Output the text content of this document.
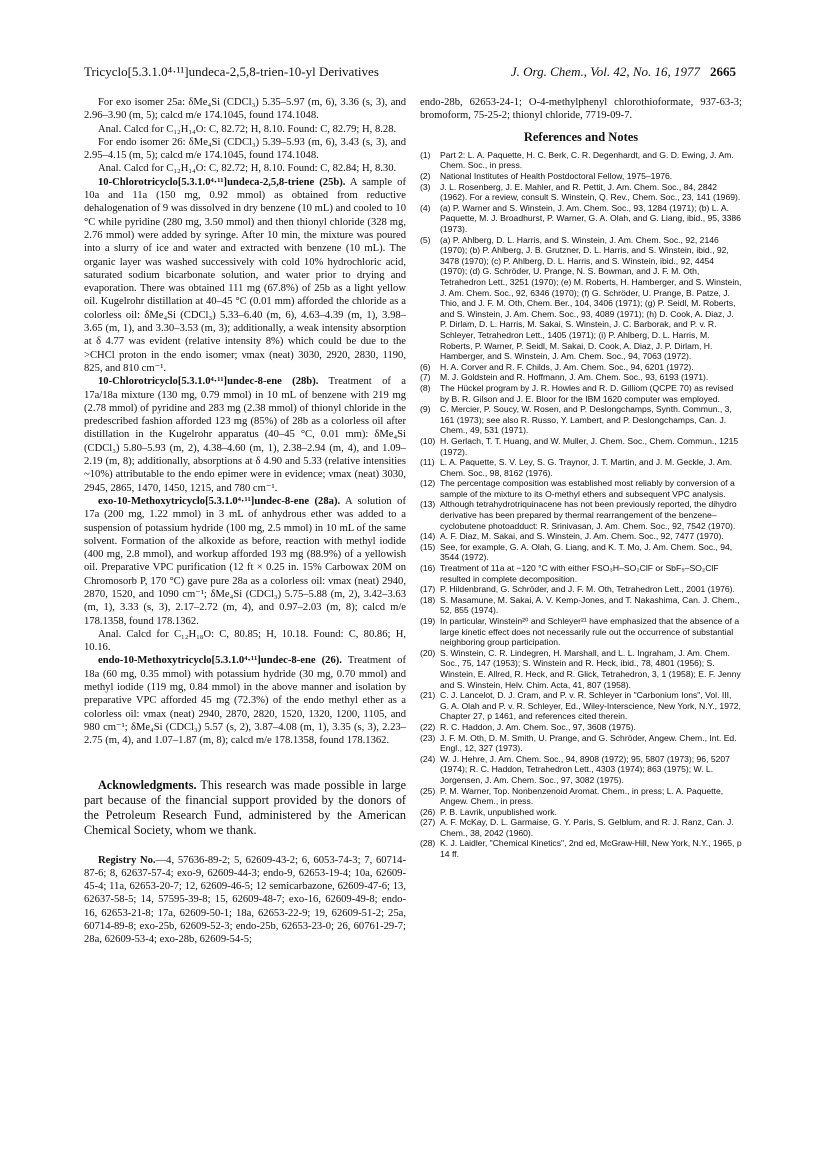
Tricyclo[5.3.1.0⁴·¹¹]undeca-2,5,8-trien-10-yl Derivatives	J. Org. Chem., Vol. 42, No. 16, 1977 2665

For exo isomer 25a: δMe₄Si (CDCl₃) 5.35–5.97 (m, 6), 3.36 (s, 3), and 2.96–3.90 (m, 5); calcd m/e 174.1045, found 174.1048.

Anal. Calcd for C₁₂H₁₄O: C, 82.72; H, 8.10. Found: C, 82.79; H, 8.28.

For endo isomer 26: δMe₄Si (CDCl₃) 5.39–5.93 (m, 6), 3.43 (s, 3), and 2.95–4.15 (m, 5); calcd m/e 174.1045, found 174.1048.

Anal. Calcd for C₁₂H₁₄O: C, 82.72; H, 8.10. Found: C, 82.84; H, 8.30.

10-Chlorotricyclo[5.3.1.0⁴·¹¹]undeca-2,5,8-triene (25b). A sample of 10a and 11a (150 mg, 0.92 mmol) as obtained from reductive dehalogenation of 9 was dissolved in dry benzene (10 mL) and cooled to 10 °C while pyridine (280 mg, 3.50 mmol) and then thionyl chloride (328 mg, 2.76 mmol) were added by syringe. After 10 min, the mixture was poured into a slurry of ice and water and extracted with benzene (10 mL). The organic layer was washed successively with cold 10% hydrochloric acid, saturated sodium bicarbonate solution, and water prior to drying and evaporation. There was obtained 111 mg (67.8%) of 25b as a light yellow oil. Kugelrohr distillation at 40–45 °C (0.01 mm) afforded the chloride as a colorless oil: δMe₄Si (CDCl₃) 5.33–6.40 (m, 6), 4.63–4.39 (m, 1), 3.98–3.65 (m, 1), and 3.30–3.53 (m, 3); additionally, a weak intensity absorption at δ 4.77 was evident (relative intensity 8%) which could be due to the >CHCl proton in the endo isomer; νmax (neat) 3030, 2920, 2830, 1190, 825, and 810 cm⁻¹.

10-Chlorotricyclo[5.3.1.0⁴·¹¹]undec-8-ene (28b). Treatment of a 17a/18a mixture (130 mg, 0.79 mmol) in 10 mL of benzene with 219 mg (2.78 mmol) of pyridine and 283 mg (2.38 mmol) of thionyl chloride in the predescribed fashion afforded 123 mg (85%) of 28b as a colorless oil after distillation in the Kugelrohr apparatus (40–45 °C, 0.01 mm): δMe₄Si (CDCl₃) 5.80–5.93 (m, 2), 4.38–4.60 (m, 1), 2.38–2.94 (m, 4), and 1.09–2.19 (m, 8); additionally, absorptions at δ 4.90 and 5.33 (relative intensities ~10%) attributable to the endo epimer were in evidence; νmax (neat) 3030, 2945, 2865, 1470, 1450, 1215, and 780 cm⁻¹.

exo-10-Methoxytricyclo[5.3.1.0⁴·¹¹]undec-8-ene (28a). A solution of 17a (200 mg, 1.22 mmol) in 3 mL of anhydrous ether was added to a suspension of potassium hydride (100 mg, 2.5 mmol) in 10 mL of the same solvent. Formation of the alkoxide as before, reaction with methyl iodide (400 mg, 2.8 mmol), and workup afforded 193 mg (88.9%) of a yellowish oil. Preparative VPC purification (12 ft × 0.25 in. 15% Carbowax 20M on Chromosorb P, 170 °C) gave pure 28a as a colorless oil: νmax (neat) 2940, 2870, 1520, and 1090 cm⁻¹; δMe₄Si (CDCl₃) 5.75–5.88 (m, 2), 3.42–3.63 (m, 1), 3.33 (s, 3), 2.17–2.72 (m, 4), and 0.97–2.03 (m, 8); calcd m/e 178.1358, found 178.1362.

Anal. Calcd for C₁₂H₁₈O: C, 80.85; H, 10.18. Found: C, 80.86; H, 10.16.

endo-10-Methoxytricyclo[5.3.1.0⁴·¹¹]undec-8-ene (26). Treatment of 18a (60 mg, 0.35 mmol) with potassium hydride (30 mg, 0.70 mmol) and methyl iodide (119 mg, 0.84 mmol) in the above manner and isolation by preparative VPC afforded 45 mg (72.3%) of the endo methyl ether as a colorless oil: νmax (neat) 2940, 2870, 2820, 1520, 1320, 1200, 1105, and 980 cm⁻¹; δMe₄Si (CDCl₃) 5.57 (s, 2), 3.87–4.08 (m, 1), 3.35 (s, 3), 2.23–2.75 (m, 4), and 1.07–1.87 (m, 8); calcd m/e 178.1358, found 178.1362.

Acknowledgments. This research was made possible in large part because of the financial support provided by the donors of the Petroleum Research Fund, administered by the American Chemical Society, whom we thank.

Registry No.—4, 57636-89-2; 5, 62609-43-2; 6, 6053-74-3; 7, 60714-87-6; 8, 62637-57-4; exo-9, 62609-44-3; endo-9, 62653-19-4; 10a, 62609-45-4; 11a, 62653-20-7; 12, 62609-46-5; 12 semicarbazone, 62609-47-6; 13, 62637-58-5; 14, 57595-39-8; 15, 62609-48-7; exo-16, 62609-49-8; endo-16, 62653-21-8; 17a, 62609-50-1; 18a, 62653-22-9; 19, 62609-51-2; 25a, 60714-89-8; exo-25b, 62609-52-3; endo-25b, 62653-23-0; 26, 60761-29-7; 28a, 62609-53-4; exo-28b, 62609-54-5;

endo-28b, 62653-24-1; O-4-methylphenyl chlorothioformate, 937-63-3; bromoform, 75-25-2; thionyl chloride, 7719-09-7.

References and Notes
(1)	Part 2: L. A. Paquette, H. C. Berk, C. R. Degenhardt, and G. D. Ewing, J. Am. Chem. Soc., in press.
(2)	National Institutes of Health Postdoctoral Fellow, 1975–1976.
(3)	J. L. Rosenberg, J. E. Mahler, and R. Pettit, J. Am. Chem. Soc., 84, 2842 (1962). For a review, consult S. Winstein, Q. Rev., Chem. Soc., 23, 141 (1969).
(4)	(a) P. Warner and S. Winstein, J. Am. Chem. Soc., 93, 1284 (1971); (b) L. A. Paquette, M. J. Broadhurst, P. Warner, G. A. Olah, and G. Liang, ibid., 95, 3386 (1973).
(5)	(a) P. Ahlberg, D. L. Harris, and S. Winstein, J. Am. Chem. Soc., 92, 2146 (1970); (b) P. Ahlberg, J. B. Grutzner, D. L. Harris, and S. Winstein, ibid., 92, 3478 (1970); (c) P. Ahlberg, D. L. Harris, and S. Winstein, ibid., 92, 4454 (1970); (d) G. Schröder, U. Prange, N. S. Bowman, and J. F. M. Oth, Tetrahedron Lett., 3251 (1970); (e) M. Roberts, H. Hamberger, and S. Winstein, J. Am. Chem. Soc., 92, 6346 (1970); (f) G. Schröder, U. Prange, B. Patze, J. Thio, and J. F. M. Oth, Chem. Ber., 104, 3406 (1971); (g) P. Seidl, M. Roberts, and S. Winstein, J. Am. Chem. Soc., 93, 4089 (1971); (h) D. Cook, A. Diaz, J. P. Dirlam, D. L. Harris, M. Sakai, S. Winstein, J. C. Barborak, and P. v. R. Schleyer, Tetrahedron Lett., 1405 (1971); (i) P. Ahlberg, D. L. Harris, M. Roberts, P. Warner, P. Seidl, M. Sakai, D. Cook, A. Diaz, J. P. Dirlam, H. Hamberger, and S. Winstein, J. Am. Chem. Soc., 94, 7063 (1972).
(6)	H. A. Corver and R. F. Childs, J. Am. Chem. Soc., 94, 6201 (1972).
(7)	M. J. Goldstein and R. Hoffmann, J. Am. Chem. Soc., 93, 6193 (1971).
(8)	The Hückel program by J. R. Howles and R. D. Gilliom (QCPE 70) as revised by B. R. Gilson and J. E. Bloor for the IBM 1620 computer was employed.
(9)	C. Mercier, P. Soucy, W. Rosen, and P. Deslongchamps, Synth. Commun., 3, 161 (1973); see also R. Russo, Y. Lambert, and P. Deslongchamps, Can. J. Chem., 49, 531 (1971).
(10) H. Gerlach, T. T. Huang, and W. Muller, J. Chem. Soc., Chem. Commun., 1215 (1972).
(11) L. A. Paquette, S. V. Ley, S. G. Traynor, J. T. Martin, and J. M. Geckle, J. Am. Chem. Soc., 98, 8162 (1976).
(12) The percentage composition was established most reliably by conversion of a sample of the mixture to its O-methyl ethers and subsequent VPC analysis.
(13) Although tetrahydrotriquinacene has not been previously reported, the dihydro derivative has been prepared by thermal rearrangement of the benzene–cyclobutene photoadduct: R. Srinivasan, J. Am. Chem. Soc., 92, 7542 (1970).
(14) A. F. Diaz, M. Sakai, and S. Winstein, J. Am. Chem. Soc., 92, 7477 (1970).
(15) See, for example, G. A. Olah, G. Liang, and K. T. Mo, J. Am. Chem. Soc., 94, 3544 (1972).
(16) Treatment of 11a at −120 °C with either FSO₃H–SO₂ClF or SbF₅–SO₂ClF resulted in complete decomposition.
(17) P. Hildenbrand, G. Schröder, and J. F. M. Oth, Tetrahedron Lett., 2001 (1976).
(18) S. Masamune, M. Sakai, A. V. Kemp-Jones, and T. Nakashima, Can. J. Chem., 52, 855 (1974).
(19) In particular, Winstein²⁰ and Schleyer²¹ have emphasized that the absence of a large kinetic effect does not necessarily rule out the occurrence of substantial neighboring group participation.
(20) S. Winstein, C. R. Lindegren, H. Marshall, and L. L. Ingraham, J. Am. Chem. Soc., 75, 147 (1953); S. Winstein and R. Heck, ibid., 78, 4801 (1956); S. Winstein, E. Allred, R. Heck, and R. Glick, Tetrahedron, 3, 1 (1958); E. F. Jenny and S. Winstein, Helv. Chim. Acta, 41, 807 (1958).
(21) C. J. Lancelot, D. J. Cram, and P. v. R. Schleyer in "Carbonium Ions", Vol. III, G. A. Olah and P. v. R. Schleyer, Ed., Wiley-Interscience, New York, N.Y., 1972, Chapter 27, p 1461, and references cited therein.
(22) R. C. Haddon, J. Am. Chem. Soc., 97, 3608 (1975).
(23) J. F. M. Oth, D. M. Smith, U. Prange, and G. Schröder, Angew. Chem., Int. Ed. Engl., 12, 327 (1973).
(24) W. J. Hehre, J. Am. Chem. Soc., 94, 8908 (1972); 95, 5807 (1973); 96, 5207 (1974); R. C. Haddon, Tetrahedron Lett., 4303 (1974); 863 (1975); W. L. Jorgensen, J. Am. Chem. Soc., 97, 3082 (1975).
(25) P. M. Warner, Top. Nonbenzenoid Aromat. Chem., in press; L. A. Paquette, Angew. Chem., in press.
(26) P. B. Lavrik, unpublished work.
(27) A. F. McKay, D. L. Garmaise, G. Y. Paris, S. Gelblum, and R. J. Ranz, Can. J. Chem., 38, 2042 (1960).
(28) K. J. Laidler, "Chemical Kinetics", 2nd ed, McGraw-Hill, New York, N.Y., 1965, p 14 ff.
